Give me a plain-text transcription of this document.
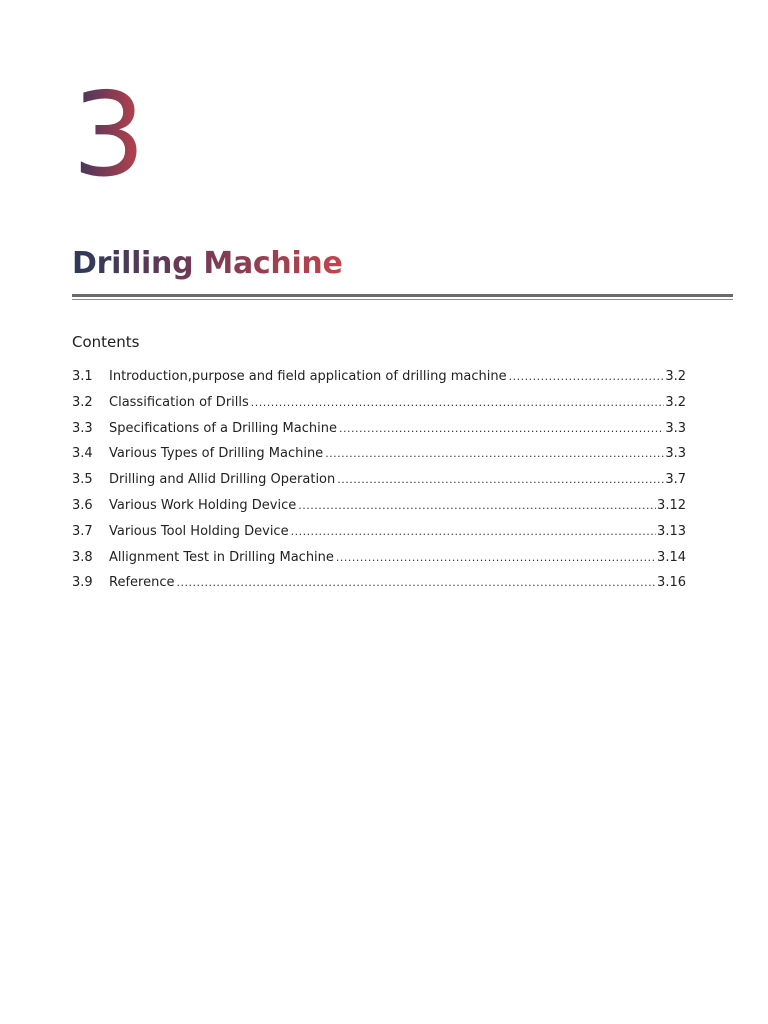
3
Drilling Machine
Contents
3.1	Introduction,purpose and field application of drilling machine .....	3.2
3.2	Classification of Drills .....	3.2
3.3	Specifications of a Drilling Machine .....	3.3
3.4	Various Types of Drilling Machine .....	3.3
3.5	Drilling and Allid Drilling Operation .....	3.7
3.6	Various Work Holding Device .....	3.12
3.7	Various Tool Holding Device .....	3.13
3.8	Allignment Test in Drilling Machine .....	3.14
3.9	Reference .....	3.16
